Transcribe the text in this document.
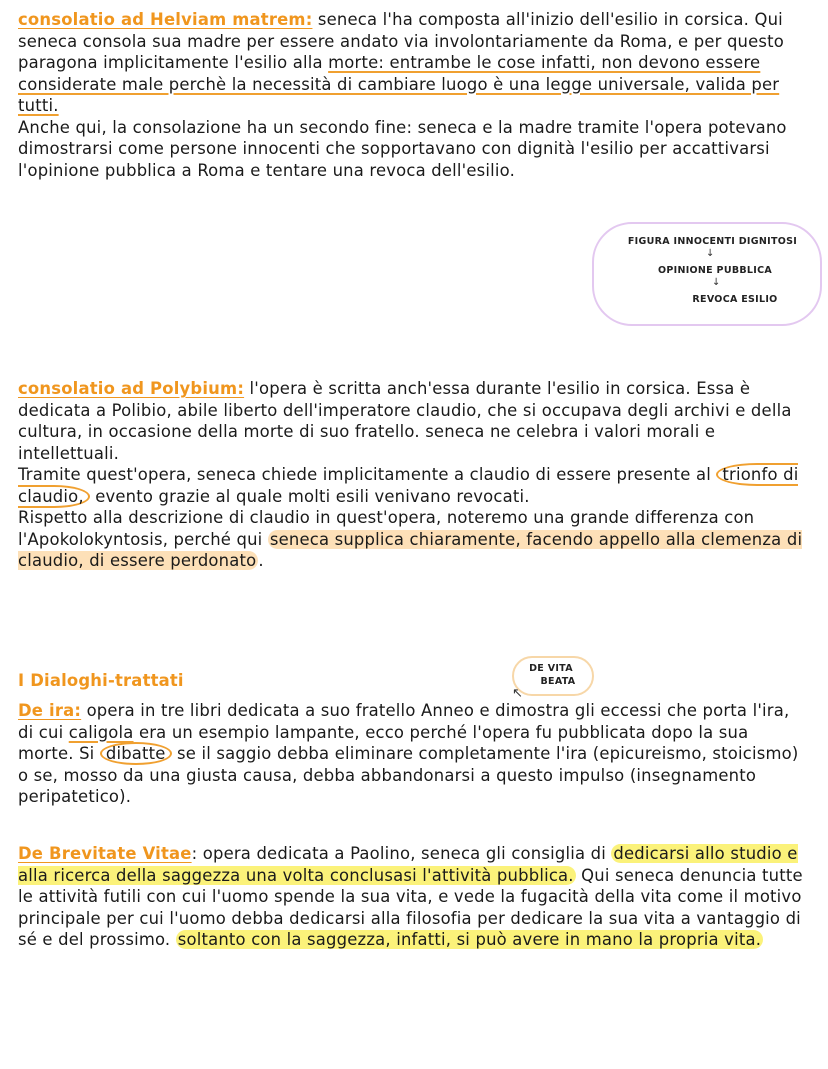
consolatio ad Helviam matrem: seneca l'ha composta all'inizio dell'esilio in corsica. Qui seneca consola sua madre per essere andato via involontariamente da Roma, e per questo paragona implicitamente l'esilio alla morte: entrambe le cose infatti, non devono essere considerate male perchè la necessità di cambiare luogo è una legge universale, valida per tutti.
Anche qui, la consolazione ha un secondo fine: seneca e la madre tramite l'opera potevano dimostrarsi come persone innocenti che sopportavano con dignità l'esilio per accattivarsi l'opinione pubblica a Roma e tentare una revoca dell'esilio.
FIGURA INNOCENTI DIGNITOSI
↓
OPINIONE PUBBLICA
↓
REVOCA ESILIO
consolatio ad Polybium: l'opera è scritta anch'essa durante l'esilio in corsica. Essa è dedicata a Polibio, abile liberto dell'imperatore claudio, che si occupava degli archivi e della cultura, in occasione della morte di suo fratello. seneca ne celebra i valori morali e intellettuali.
Tramite quest'opera, seneca chiede implicitamente a claudio di essere presente al trionfo di claudio, evento grazie al quale molti esili venivano revocati.
Rispetto alla descrizione di claudio in quest'opera, noteremo una grande differenza con l'Apokolokyntosis, perché qui seneca supplica chiaramente, facendo appello alla clemenza di claudio, di essere perdonato .
I Dialoghi-trattati
DE VITA
BEATA
↖
De ira: opera in tre libri dedicata a suo fratello Anneo e dimostra gli eccessi che porta l'ira, di cui caligola era un esempio lampante, ecco perché l'opera fu pubblicata dopo la sua morte. Si dibatte se il saggio debba eliminare completamente l'ira (epicureismo, stoicismo) o se, mosso da una giusta causa, debba abbandonarsi a questo impulso (insegnamento peripatetico).
De Brevitate Vitae: opera dedicata a Paolino, seneca gli consiglia di dedicarsi allo studio e alla ricerca della saggezza una volta conclusasi l'attività pubblica. Qui seneca denuncia tutte le attività futili con cui l'uomo spende la sua vita, e vede la fugacità della vita come il motivo principale per cui l'uomo debba dedicarsi alla filosofia per dedicare la sua vita a vantaggio di sé e del prossimo. soltanto con la saggezza, infatti, si può avere in mano la propria vita.
